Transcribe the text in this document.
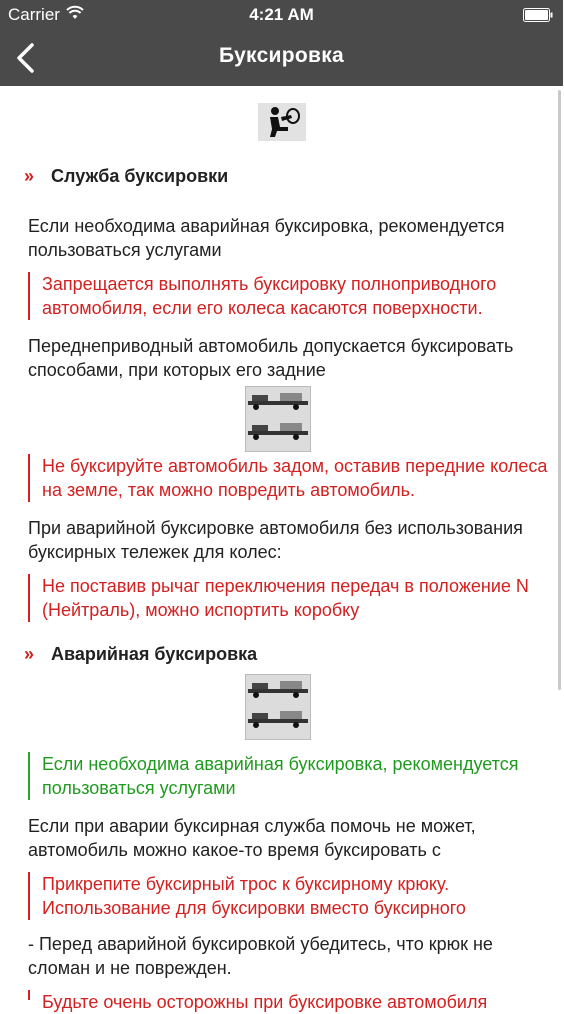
Carrier	4:21 AM
Буксировка
» Служба буксировки
Если необходима аварийная буксировка, рекомендуется пользоваться услугами
Запрещается выполнять буксировку полноприводного автомобиля, если его колеса касаются поверхности.
Переднеприводный автомобиль допускается буксировать способами, при которых его задние
Не буксируйте автомобиль задом, оставив передние колеса на земле, так можно повредить автомобиль.
При аварийной буксировке автомобиля без использования буксирных тележек для колес:
Не поставив рычаг переключения передач в положение N (Нейтраль), можно испортить коробку
» Аварийная буксировка
Если необходима аварийная буксировка, рекомендуется пользоваться услугами
Если при аварии буксирная служба помочь не может, автомобиль можно какое-то время буксировать с
Прикрепите буксирный трос к буксирному крюку. Использование для буксировки вместо буксирного
- Перед аварийной буксировкой убедитесь, что крюк не сломан и не поврежден.
Будьте очень осторожны при буксировке автомобиля
